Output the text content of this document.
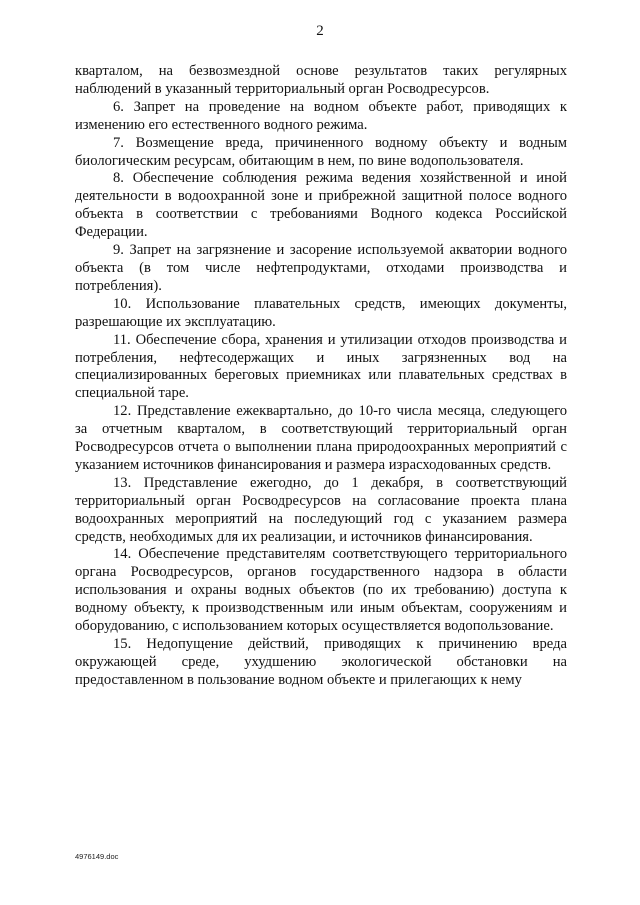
2

кварталом, на безвозмездной основе результатов таких регулярных наблюдений в указанный территориальный орган Росводресурсов.

6. Запрет на проведение на водном объекте работ, приводящих к изменению его естественного водного режима.

7. Возмещение вреда, причиненного водному объекту и водным биологическим ресурсам, обитающим в нем, по вине водопользователя.

8. Обеспечение соблюдения режима ведения хозяйственной и иной деятельности в водоохранной зоне и прибрежной защитной полосе водного объекта в соответствии с требованиями Водного кодекса Российской Федерации.

9. Запрет на загрязнение и засорение используемой акватории водного объекта (в том числе нефтепродуктами, отходами производства и потребления).

10. Использование плавательных средств, имеющих документы, разрешающие их эксплуатацию.

11. Обеспечение сбора, хранения и утилизации отходов производства и потребления, нефтесодержащих и иных загрязненных вод на специализированных береговых приемниках или плавательных средствах в специальной таре.

12. Представление ежеквартально, до 10-го числа месяца, следующего за отчетным кварталом, в соответствующий территориальный орган Росводресурсов отчета о выполнении плана природоохранных мероприятий с указанием источников финансирования и размера израсходованных средств.

13. Представление ежегодно, до 1 декабря, в соответствующий территориальный орган Росводресурсов на согласование проекта плана водоохранных мероприятий на последующий год с указанием размера средств, необходимых для их реализации, и источников финансирования.

14. Обеспечение представителям соответствующего территориального органа Росводресурсов, органов государственного надзора в области использования и охраны водных объектов (по их требованию) доступа к водному объекту, к производственным или иным объектам, сооружениям и оборудованию, с использованием которых осуществляется водопользование.

15. Недопущение действий, приводящих к причинению вреда окружающей среде, ухудшению экологической обстановки на предоставленном в пользование водном объекте и прилегающих к нему

4976149.doc
